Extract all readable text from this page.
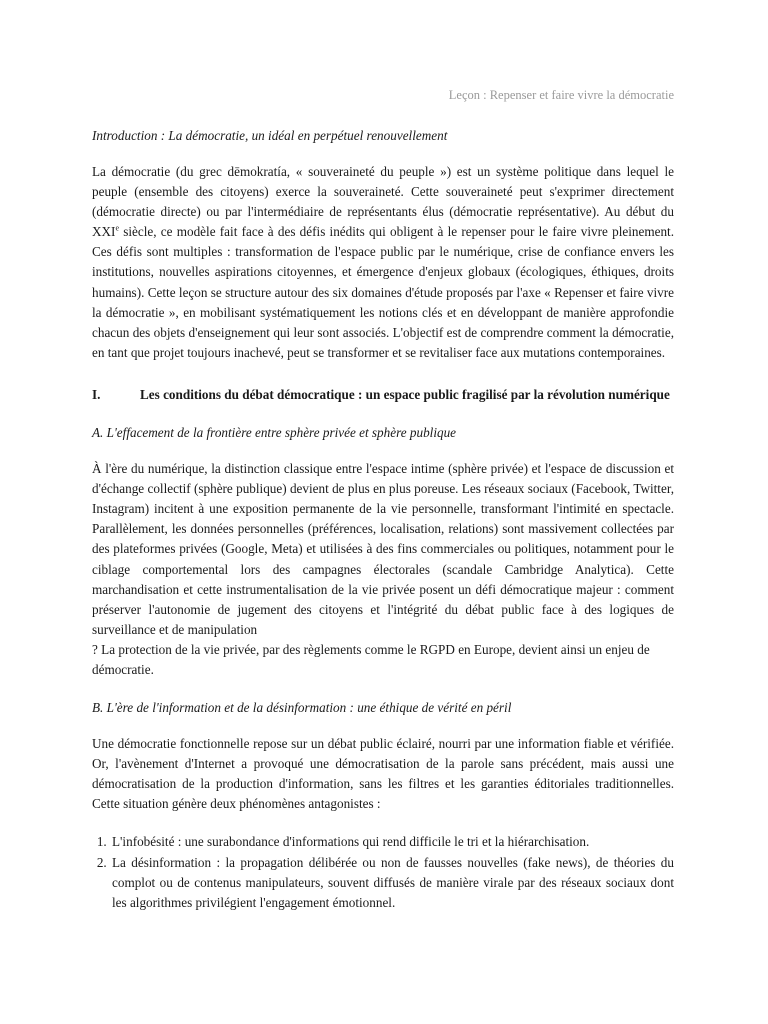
Leçon : Repenser et faire vivre la démocratie
Introduction : La démocratie, un idéal en perpétuel renouvellement

La démocratie (du grec dēmokratía, « souveraineté du peuple ») est un système politique dans lequel le peuple (ensemble des citoyens) exerce la souveraineté. Cette souveraineté peut s'exprimer directement (démocratie directe) ou par l'intermédiaire de représentants élus (démocratie représentative). Au début du XXIe siècle, ce modèle fait face à des défis inédits qui obligent à le repenser pour le faire vivre pleinement. Ces défis sont multiples : transformation de l'espace public par le numérique, crise de confiance envers les institutions, nouvelles aspirations citoyennes, et émergence d'enjeux globaux (écologiques, éthiques, droits humains). Cette leçon se structure autour des six domaines d'étude proposés par l'axe « Repenser et faire vivre la démocratie », en mobilisant systématiquement les notions clés et en développant de manière approfondie chacun des objets d'enseignement qui leur sont associés. L'objectif est de comprendre comment la démocratie, en tant que projet toujours inachevé, peut se transformer et se revitaliser face aux mutations contemporaines.

I.	Les conditions du débat démocratique : un espace public fragilisé par la révolution numérique
A. L'effacement de la frontière entre sphère privée et sphère publique

À l'ère du numérique, la distinction classique entre l'espace intime (sphère privée) et l'espace de discussion et d'échange collectif (sphère publique) devient de plus en plus poreuse. Les réseaux sociaux (Facebook, Twitter, Instagram) incitent à une exposition permanente de la vie personnelle, transformant l'intimité en spectacle. Parallèlement, les données personnelles (préférences, localisation, relations) sont massivement collectées par des plateformes privées (Google, Meta) et utilisées à des fins commerciales ou politiques, notamment pour le ciblage comportemental lors des campagnes électorales (scandale Cambridge Analytica). Cette marchandisation et cette instrumentalisation de la vie privée posent un défi démocratique majeur : comment préserver l'autonomie de jugement des citoyens et l'intégrité du débat public face à des logiques de surveillance et de manipulation

? La protection de la vie privée, par des règlements comme le RGPD en Europe, devient ainsi un enjeu de démocratie.

B. L'ère de l'information et de la désinformation : une éthique de vérité en péril

Une démocratie fonctionnelle repose sur un débat public éclairé, nourri par une information fiable et vérifiée. Or, l'avènement d'Internet a provoqué une démocratisation de la parole sans précédent, mais aussi une démocratisation de la production d'information, sans les filtres et les garanties éditoriales traditionnelles. Cette situation génère deux phénomènes antagonistes :

1. L'infobésité : une surabondance d'informations qui rend difficile le tri et la hiérarchisation.
2. La désinformation : la propagation délibérée ou non de fausses nouvelles (fake news), de théories du complot ou de contenus manipulateurs, souvent diffusés de manière virale par des réseaux sociaux dont les algorithmes privilégient l'engagement émotionnel.
